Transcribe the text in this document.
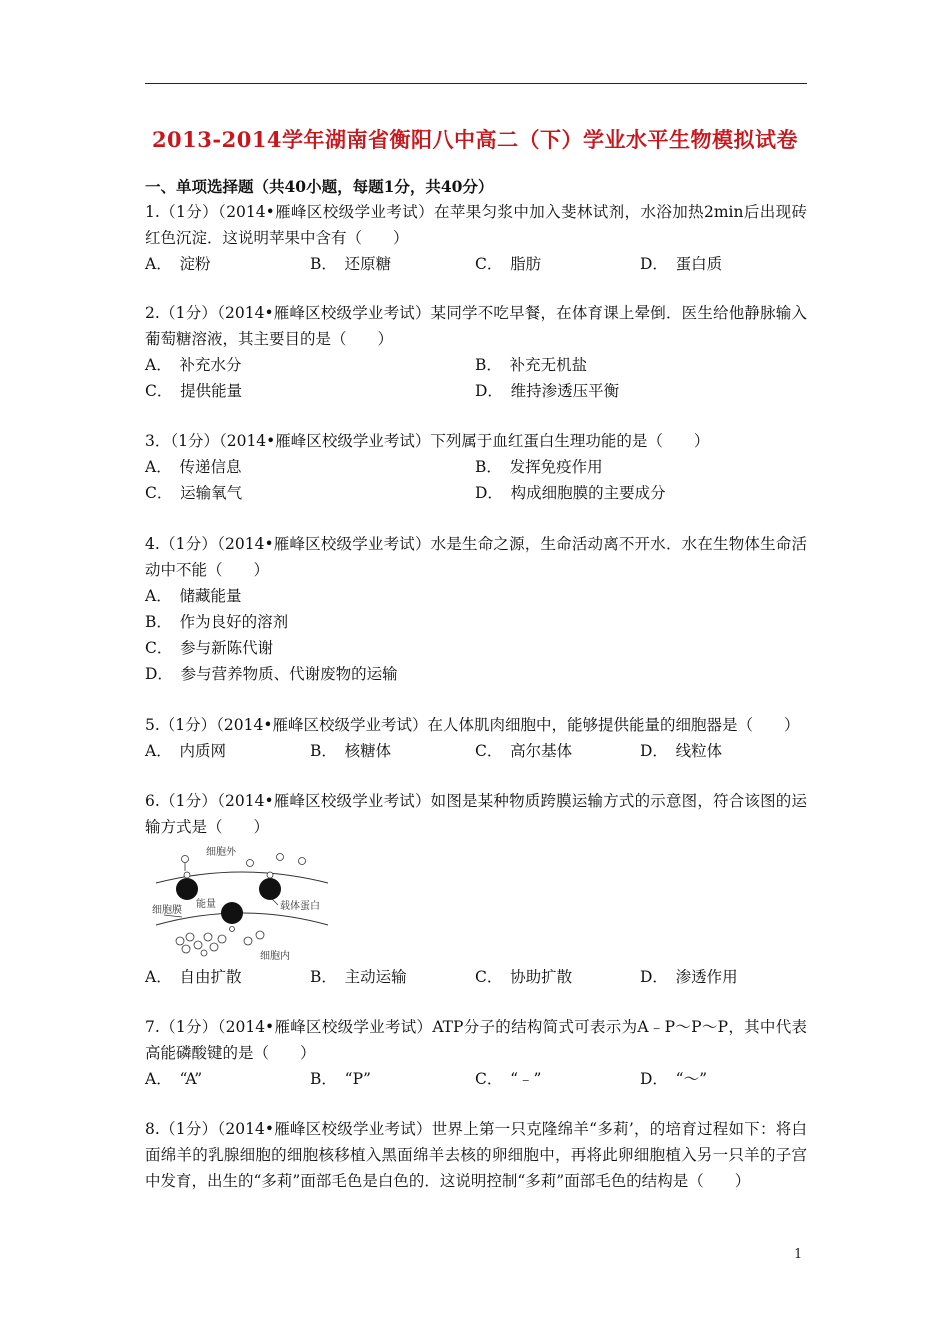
2013-2014学年湖南省衡阳八中高二（下）学业水平生物模拟试卷
一、单项选择题（共40小题，每题1分，共40分）

1.（1分）（2014•雁峰区校级学业考试）在苹果匀浆中加入斐林试剂，水浴加热2min后出现砖红色沉淀．这说明苹果中含有（　　）

A．　淀粉	B．　还原糖	C．　脂肪	D．　蛋白质

2.（1分）（2014•雁峰区校级学业考试）某同学不吃早餐，在体育课上晕倒．医生给他静脉输入葡萄糖溶液，其主要目的是（　　）

A．　补充水分	B．　补充无机盐
C．　提供能量	D．　维持渗透压平衡

3．（1分）（2014•雁峰区校级学业考试）下列属于血红蛋白生理功能的是（　　）

A．　传递信息	B．　发挥免疫作用
C．　运输氧气	D．　构成细胞膜的主要成分

4.（1分）（2014•雁峰区校级学业考试）水是生命之源，生命活动离不开水．水在生物体生命活动中不能（　　）

A．　储藏能量
B．　作为良好的溶剂
C．　参与新陈代谢
D．　参与营养物质、代谢废物的运输

5.（1分）（2014•雁峰区校级学业考试）在人体肌肉细胞中，能够提供能量的细胞器是（　　）

A．　内质网	B．　核糖体	C．　高尔基体	D．　线粒体

6.（1分）（2014•雁峰区校级学业考试）如图是某种物质跨膜运输方式的示意图，符合该图的运输方式是（　　）

细胞外
细胞膜
能量	载体蛋白
细胞内
A．　自由扩散	B．　主动运输	C．　协助扩散	D．　渗透作用

7.（1分）（2014•雁峰区校级学业考试）ATP分子的结构简式可表示为A﹣P～P～P，其中代表高能磷酸键的是（　　）

A．　“A”	B．　“P”	C．　“﹣”	D．　“～”

8.（1分）（2014•雁峰区校级学业考试）世界上第一只克隆绵羊“多莉’，的培育过程如下：将白面绵羊的乳腺细胞的细胞核移植入黑面绵羊去核的卵细胞中，再将此卵细胞植入另一只羊的子宫中发育，出生的“多莉”面部毛色是白色的．这说明控制“多莉”面部毛色的结构是（　　）

1
